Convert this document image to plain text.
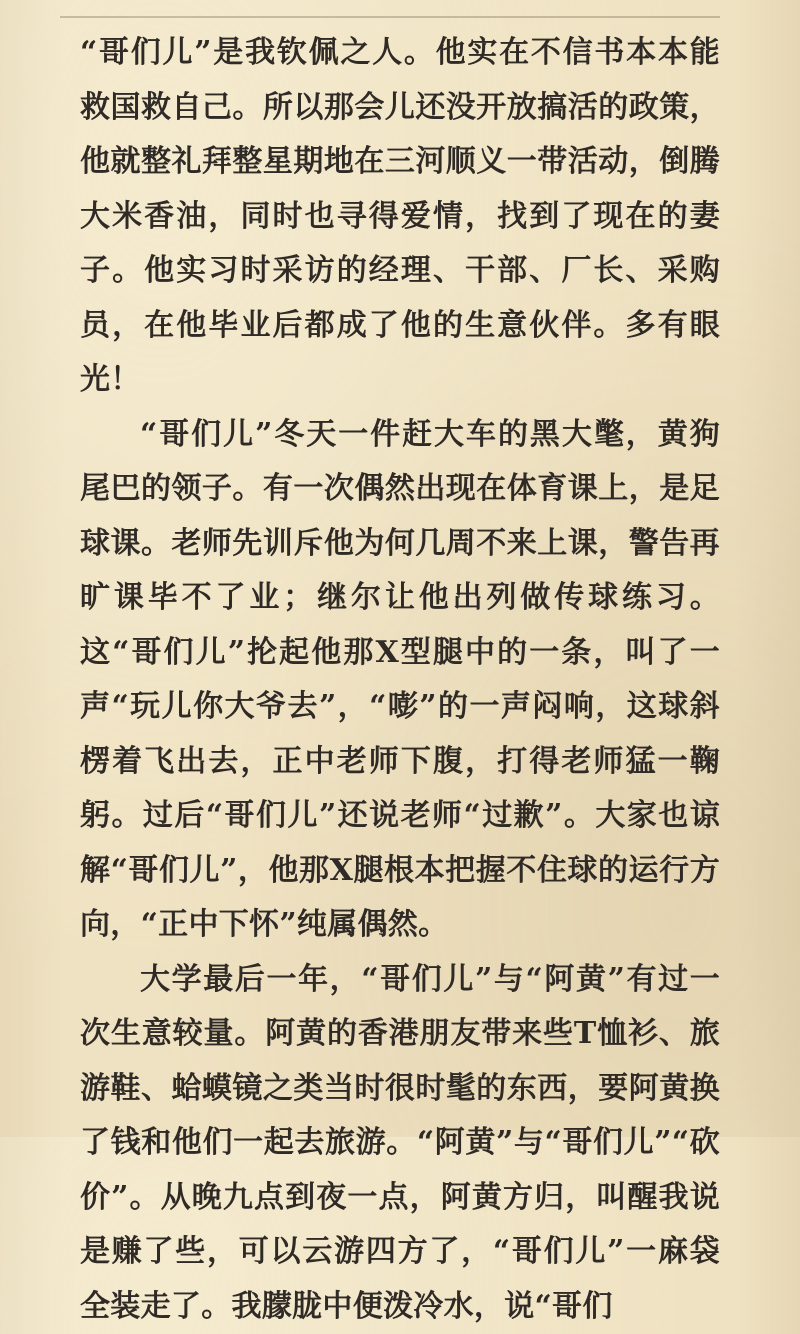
“哥们儿”是我钦佩之人。他实在不信书本本能救国救自己。所以那会儿还没开放搞活的政策，他就整礼拜整星期地在三河顺义一带活动，倒腾大米香油，同时也寻得爱情，找到了现在的妻子。他实习时采访的经理、干部、厂长、采购员，在他毕业后都成了他的生意伙伴。多有眼光！

“哥们儿”冬天一件赶大车的黑大氅，黄狗尾巴的领子。有一次偶然出现在体育课上，是足球课。老师先训斥他为何几周不来上课，警告再旷课毕不了业；继尔让他出列做传球练习。这“哥们儿”抡起他那X型腿中的一条，叫了一声“玩儿你大爷去”，“嘭”的一声闷响，这球斜楞着飞出去，正中老师下腹，打得老师猛一鞠躬。过后“哥们儿”还说老师“过歉”。大家也谅解“哥们儿”，他那X腿根本把握不住球的运行方向，“正中下怀”纯属偶然。

大学最后一年，“哥们儿”与“阿黄”有过一次生意较量。阿黄的香港朋友带来些T恤衫、旅游鞋、蛤蟆镜之类当时很时髦的东西，要阿黄换了钱和他们一起去旅游。“阿黄”与“哥们儿”“砍价”。从晚九点到夜一点，阿黄方归，叫醒我说是赚了些，可以云游四方了，“哥们儿”一麻袋全装走了。我朦胧中便泼冷水，说“哥们
